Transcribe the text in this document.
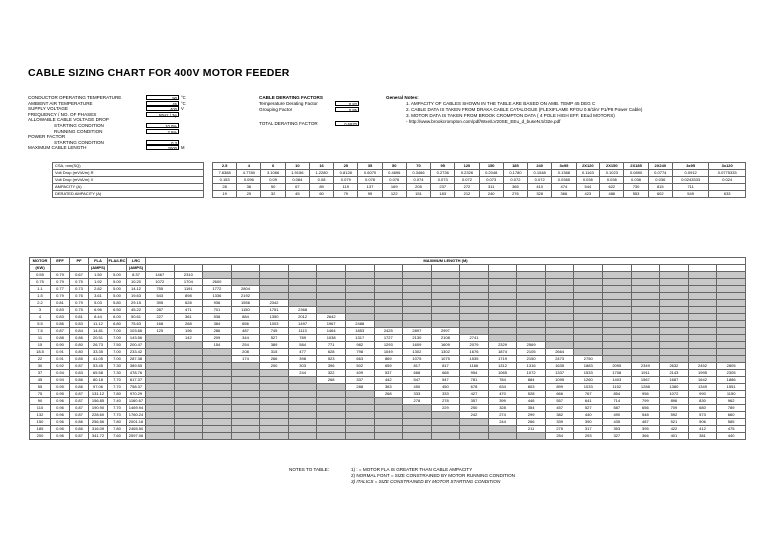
CABLE SIZING CHART FOR 400V MOTOR FEEDER
CONDUCTOR OPERATING TEMPERATURE	90 °C
AMBIENT AIR TEMPERATURE	45 °C
SUPPLY VOLTAGE	400 V
FREQUENCY / NO. OF PHASES	50Hz / 3φ
ALLOWABLE CABLE VOLTAGE DROP
STARTING CONDITION	10.0%
RUNNING CONDITION	2.5%
POWER FACTOR
STARTING CONDITION	0.3
MAXIMUM CABLE LENGTH	2000 M
CABLE DERATING FACTORS
Temperature Derating Factor	0.82
Grouping Factor	0.85
TOTAL DERATING FACTOR	0.6970
General Notes:
1. AMPACITY OF CABLES SHOWN IN THE TABLE ARE BASED ON AMB. TEMP 45 DEG C
2. CABLE DATA IS TAKEN FROM DRAKA CABLE CATALOGUE (FLEXIFLAME RFOU 0.6/1kV P1/P8 Power Cable)
3. MOTOR DATA IS TAKEN FROM BROOK CROMPTON DATA ( 4 POLE HIGH EFF. EEud MOTORS)
- http://www.brookcrompton.com/pdf/Wxe/LV20SE_EEu_d_buseN.5/32e.pdf
CSA, mm(SQ)		2.5	4	6	10	16	25	35	50	70	95	120	150	185	240	3x95	2X120	2X150	2X185	2X240	3x95	3x120
Volt Drop (mV/A/m) R		7.6388	4.7780	3.1066	1.9156	1.2280	0.8128	0.6070	0.4696	0.3466	0.2736	0.2326	0.2048	0.1780	0.1548	0.1368	0.1163	0.1023	0.0890	0.0774	0.0912	0.0775333
Volt Drop (mV/A/m) X		0.153	0.096	0.09	0.084	0.08	0.079	0.078	0.076	0.074	0.073	0.072	0.073	0.072	0.072	0.0365	0.036	0.036	0.036	0.036	0.0243333	0.024
AMPACITY (A)		28	36	50	67	89	119	137	169	205	237	272	311	365	410	474	544	622	730	815	711	
DERATED AMPACITY (A)		19	25	32	45	60	79	95	122	151	183	212	240	276	328	366	423	486	553	602	549	633
MOTOR	EFF	PF	FLA	FLA/LRC	LRC	MAXIMUM LENGTH (M)																				
(KW)			(AMPS)		(AMPS)																					
0.55	0.79	0.67	1.50	5.00	8.37	1467	2310																			
0.75	0.79	0.75	1.92	5.00	10.20	1072	1704	2600																		
1.1	0.77	0.73	2.82	5.00	14.12	755	1191	1772	2804																	
1.5	0.79	0.76	3.61	5.00	19.63	543	898	1336	2192																	
2.2	0.81	0.79	5.03	5.80	29.15	395	628	936	1556	2342																
3	0.83	0.75	6.96	6.50	45.22	287	471	701	1150	1751	2368															
4	0.83	0.81	8.44	6.00	50.61	227	361	538	884	1350	2012	2642														
5.5	0.86	0.83	11.12	6.80	75.63	168	268	384	656	1003	1497	1967	2488													
7.5	0.87	0.84	14.81	7.00	103.66	125	196	286	487	745	1113	1464	1853	2425	2897	2997										
11	0.88	0.86	20.51	7.00	143.56		142	209	344	527	789	1038	1317	1727	2130	2108	2741									
15	0.90	0.80	26.73	7.50	200.47			154	254	389	584	771	982	1293	1609	1609	2079	2329	2569							
18.5	0.91	0.80	33.35	7.00	233.42				208	315	477	628	798	1049	1302	1302	1676	1874	2105	2664						
22	0.91	0.85	41.05	7.00	287.38				174	266	398	523	663	869	1075	1075	1535	1719	2150	2473	2750					
30	0.92	0.87	53.45	7.30	389.55					200	303	396	502	659	817	817	1166	1312	1316	1635	1883	2095	2349	2632	2452	2805
37	0.94	0.83	65.58	7.30	478.76						244	322	409	537	668	668	954	1065	1072	1337	1533	1708	1911	2143	1995	2305
45	0.94	0.86	80.18	7.70	617.37							268	337	442	547	547	781	784	884	1095	1260	1403	1567	1687	1642	1886
55	0.95	0.86	97.06	7.70	758.37								288	363	450	450	678	634	803	899	1033	1152	1288	1380	1349	1551
75	0.95	0.87	131.12	7.80	970.29									268	333	333	427	470	528	666	767	854	956	1072	990	1150
90	0.96	0.87	156.85	7.40	1160.67										278	278	357	399	446	557	641	714	799	896	830	962
110	0.96	0.87	190.90	7.70	1469.94											229	250	328	354	457	527	587	656	709	680	789
132	0.96	0.87	228.60	7.70	1760.24												242	274	299	382	440	490	548	592	573	660
150	0.96	0.86	256.56	7.80	2001.16													244	266	339	390	435	487	521	506	585
185	0.96	0.86	316.09	7.80	2465.50														211	275	317	353	395	422	412	475
200	0.96	0.87	341.72	7.60	2597.06															254	293	327	366	401	381	440
NOTES TO TABLE:	1) : = MOTOR FLA IS GREATER THAN CABLE AMPACITY
2) NORMAL FONT = SIZE CONSTRAINED BY MOTOR RUNNING CONDITION
3) ITALICS = SIZE CONSTRAINED BY MOTOR STARTING CONDITION
